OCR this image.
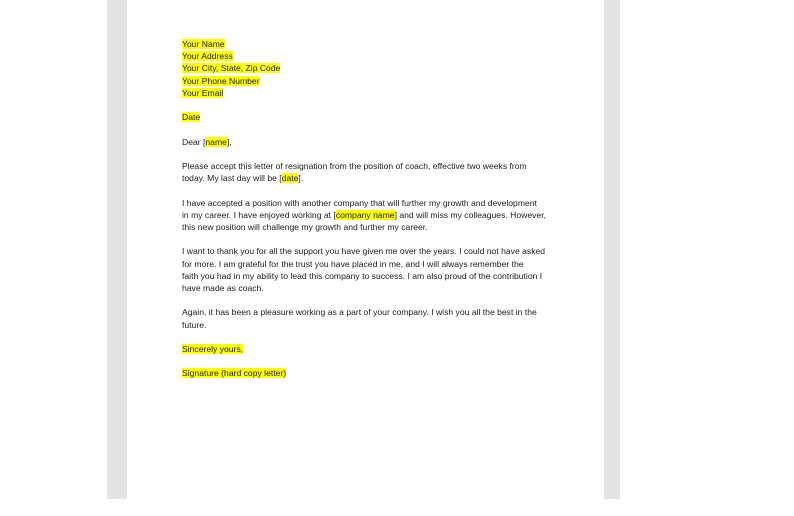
Your Name

Your Address

Your City, State, Zip Code

Your Phone Number

Your Email

Date

Dear [name],

Please accept this letter of resignation from the position of coach, effective two weeks from

today. My last day will be [date].

I have accepted a position with another company that will further my growth and development

in my career. I have enjoyed working at [company name] and will miss my colleagues. However,

this new position will challenge my growth and further my career.

I want to thank you for all the support you have given me over the years. I could not have asked

for more. I am grateful for the trust you have placed in me, and I will always remember the

faith you had in my ability to lead this company to success. I am also proud of the contribution I

have made as coach.

Again, it has been a pleasure working as a part of your company. I wish you all the best in the

future.

Sincerely yours,

Signature (hard copy letter)
